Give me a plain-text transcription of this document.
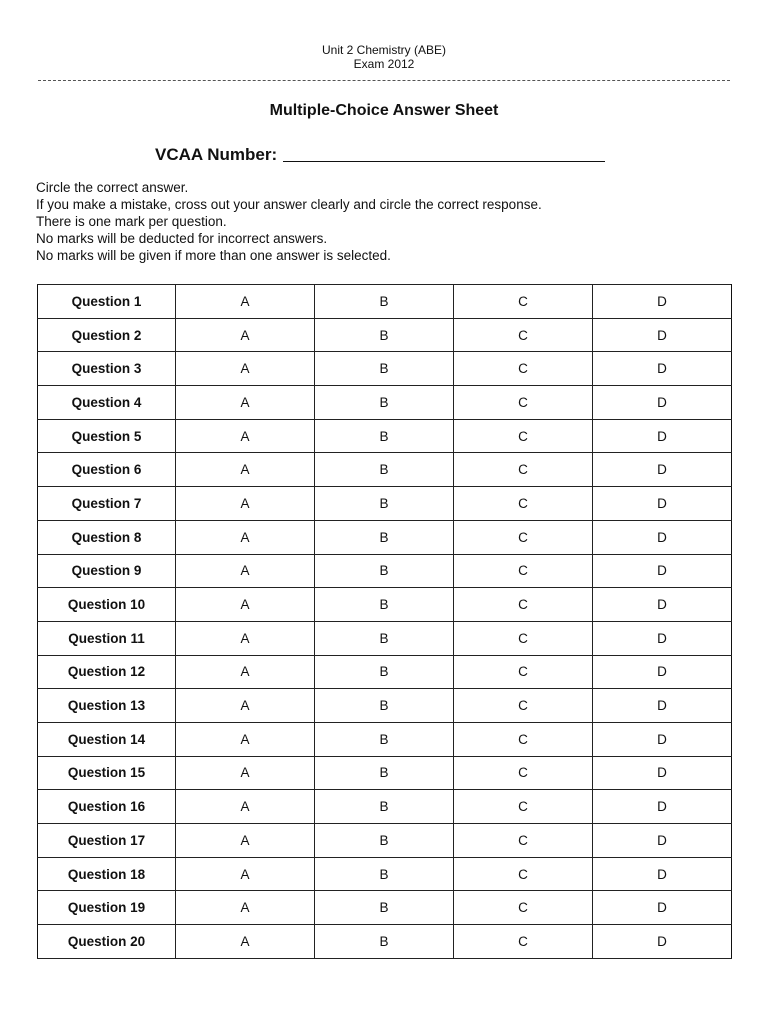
Unit 2 Chemistry (ABE)
Exam 2012
Multiple-Choice Answer Sheet
VCAA Number:
Circle the correct answer.
If you make a mistake, cross out your answer clearly and circle the correct response.
There is one mark per question.
No marks will be deducted for incorrect answers.
No marks will be given if more than one answer is selected.
Question 1	A	B	C	D
Question 2	A	B	C	D
Question 3	A	B	C	D
Question 4	A	B	C	D
Question 5	A	B	C	D
Question 6	A	B	C	D
Question 7	A	B	C	D
Question 8	A	B	C	D
Question 9	A	B	C	D
Question 10	A	B	C	D
Question 11	A	B	C	D
Question 12	A	B	C	D
Question 13	A	B	C	D
Question 14	A	B	C	D
Question 15	A	B	C	D
Question 16	A	B	C	D
Question 17	A	B	C	D
Question 18	A	B	C	D
Question 19	A	B	C	D
Question 20	A	B	C	D
